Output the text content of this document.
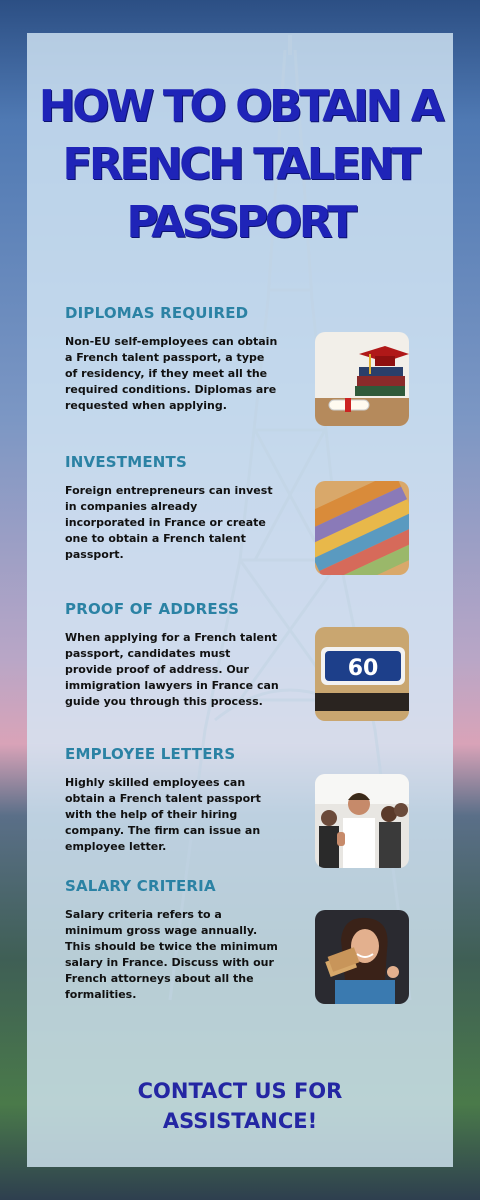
HOW TO OBTAIN A
FRENCH TALENT
PASSPORT
DIPLOMAS REQUIRED

Non-EU self-employees can obtain a French talent passport, a type of residency, if they meet all the required conditions. Diplomas are requested when applying.

INVESTMENTS

Foreign entrepreneurs can invest in companies already incorporated in France or create one to obtain a French talent passport.

PROOF OF ADDRESS

When applying for a French talent passport, candidates must provide proof of address. Our immigration lawyers in France can guide you through this process.

60
EMPLOYEE LETTERS

Highly skilled employees can obtain a French talent passport with the help of their hiring company. The firm can issue an employee letter.

SALARY CRITERIA

Salary criteria refers to a minimum gross wage annually. This should be twice the minimum salary in France. Discuss with our French attorneys about all the formalities.

CONTACT US FOR
ASSISTANCE!
